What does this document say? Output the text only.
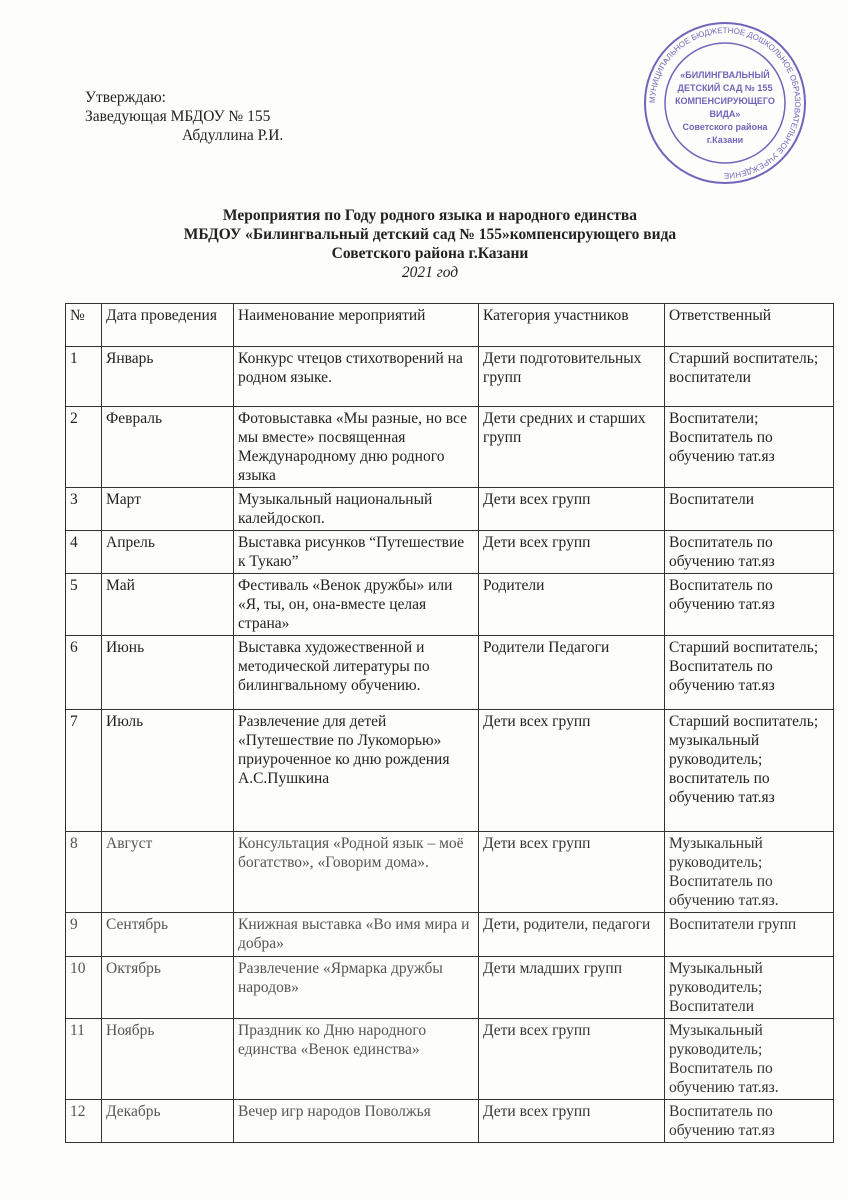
МУНИЦИПАЛЬНОЕ БЮДЖЕТНОЕ ДОШКОЛЬНОЕ ОБРАЗОВАТЕЛЬНОЕ УЧРЕЖДЕНИЕ
«БИЛИНГВАЛЬНЫЙ
ДЕТСКИЙ САД № 155
КОМПЕНСИРУЮЩЕГО
ВИДА»
Советского района
г.Казани
Утверждаю:
Заведующая МБДОУ № 155
Абдуллина Р.И.
Мероприятия по Году родного языка и народного единства
МБДОУ «Билингвальный детский сад № 155»компенсирующего вида
Советского района г.Казани
2021 год
№	Дата проведения	Наименование мероприятий	Категория участников	Ответственный
1	Январь	Конкурс чтецов стихотворений на родном языке.	Дети подготовительных групп	Старший воспитатель; воспитатели
2	Февраль	Фотовыставка «Мы разные, но все мы вместе» посвященная Международному дню родного языка	Дети средних и старших групп	Воспитатели; Воспитатель по обучению тат.яз
3	Март	Музыкальный национальный калейдоскоп.	Дети всех групп	Воспитатели
4	Апрель	Выставка рисунков “Путешествие к Тукаю”	Дети всех групп	Воспитатель по обучению тат.яз
5	Май	Фестиваль «Венок дружбы» или «Я, ты, он, она-вместе целая страна»	Родители	Воспитатель по обучению тат.яз
6	Июнь	Выставка художественной и методической литературы по билингвальному обучению.	Родители Педагоги	Старший воспитатель; Воспитатель по обучению тат.яз
7	Июль	Развлечение для детей «Путешествие по Лукоморью» приуроченное ко дню рождения А.С.Пушкина	Дети всех групп	Старший воспитатель; музыкальный руководитель; воспитатель по обучению тат.яз
8	Август	Консультация «Родной язык – моё богатство», «Говорим дома».	Дети всех групп	Музыкальный руководитель; Воспитатель по обучению тат.яз.
9	Сентябрь	Книжная выставка «Во имя мира и добра»	Дети, родители, педагоги	Воспитатели групп
10	Октябрь	Развлечение «Ярмарка дружбы народов»	Дети младших групп	Музыкальный руководитель; Воспитатели
11	Ноябрь	Праздник ко Дню народного единства «Венок единства»	Дети всех групп	Музыкальный руководитель; Воспитатель по обучению тат.яз.
12	Декабрь	Вечер игр народов Поволжья	Дети всех групп	Воспитатель по обучению тат.яз
